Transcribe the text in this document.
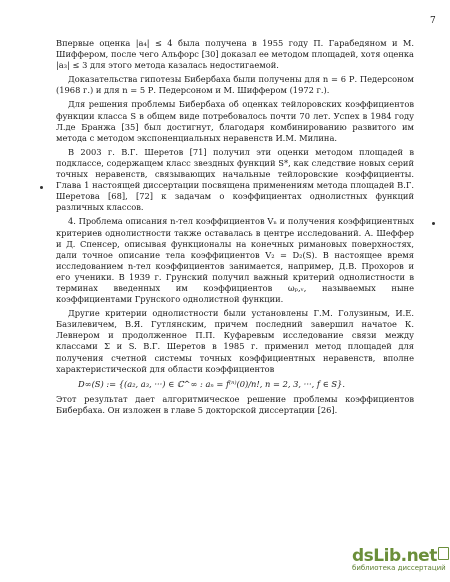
7

Впервые оценка |a₄| ≤ 4 была получена в 1955 году П. Гарабедяном и М. Шиффером, после чего Альфорс [30] доказал ее методом площадей, хотя оценка |a₃| ≤ 3 для этого метода казалась недостигаемой.

Доказательства гипотезы Бибербаха были получены для n = 6 Р. Педерсоном (1968 г.) и для n = 5 Р. Педерсоном и М. Шиффером (1972 г.).

Для решения проблемы Бибербаха об оценках тейлоровских коэффициентов функции класса S в общем виде потребовалось почти 70 лет. Успех в 1984 году Л.де Бранжа [35] был достигнут, благодаря комбинированию развитого им метода с методом экспоненциальных неравенств И.М. Милина.

В 2003 г. В.Г. Шеретов [71] получил эти оценки методом площадей в подклассе, содержащем класс звездных функций S*, как следствие новых серий точных неравенств, связывающих начальные тейлоровские коэффициенты. Глава 1 настоящей диссертации посвящена применениям метода площадей В.Г. Шеретова [68], [72] к задачам о коэффициентах однолистных функций различных классов.

4. Проблема описания n-тел коэффициентов Vₙ и получения коэффициентных критериев однолистности также оставалась в центре исследований. А. Шеффер и Д. Спенсер, описывая функционалы на конечных римановых поверхностях, дали точное описание тела коэффициентов V₂ = D₂(S). В настоящее время исследованием n-тел коэффициентов занимается, например, Д.В. Прохоров и его ученики. В 1939 г. Грунский получил важный критерий однолистности в терминах введенных им коэффициентов ωₚ,ᵥ, называемых ныне коэффициентами Грунского однолистной функции.

Другие критерии однолистности были установлены Г.М. Голузиным, И.Е. Базилевичем, В.Я. Гутлянским, причем последний завершил начатое К. Левнером и продолженное П.П. Куфаревым исследование связи между классами Σ и S. В.Г. Шеретов в 1985 г. применил метод площадей для получения счетной системы точных коэффициентных неравенств, вполне характеристической для области коэффициентов

D∞(S) := {(a₂, a₃, ···) ∈ ℂ^∞ : aₙ = f⁽ⁿ⁾(0)/n!, n = 2, 3, ···, f ∈ S}.

Этот результат дает алгоритмическое решение проблемы коэффициентов Бибербаха. Он изложен в главе 5 докторской диссертации [26].

dsLib.net
библиотека диссертаций
